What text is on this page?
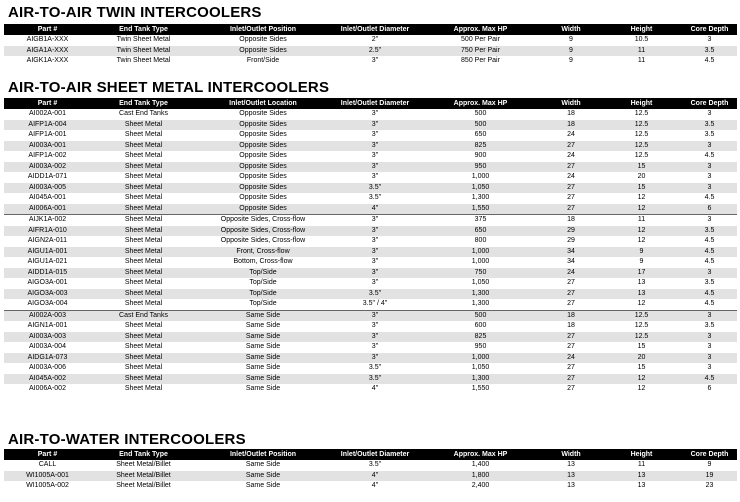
AIR-TO-AIR TWIN INTERCOOLERS
Part #	End Tank Type	Inlet/Outlet Position	Inlet/Outlet Diameter	Approx. Max HP	Width	Height	Core Depth
AIGB1A-XXX	Twin Sheet Metal	Opposite Sides	2"	500 Per Pair	9	10.5	3
AIGA1A-XXX	Twin Sheet Metal	Opposite Sides	2.5"	750 Per Pair	9	11	3.5
AIGK1A-XXX	Twin Sheet Metal	Front/Side	3"	850 Per Pair	9	11	4.5
AIR-TO-AIR SHEET METAL INTERCOOLERS
Part #	End Tank Type	Inlet/Outlet Location	Inlet/Outlet Diameter	Approx. Max HP	Width	Height	Core Depth
AI002A-001	Cast End Tanks	Opposite Sides	3"	500	18	12.5	3
AIFP1A-004	Sheet Metal	Opposite Sides	3"	500	18	12.5	3.5
AIFP1A-001	Sheet Metal	Opposite Sides	3"	650	24	12.5	3.5
AI003A-001	Sheet Metal	Opposite Sides	3"	825	27	12.5	3
AIFP1A-002	Sheet Metal	Opposite Sides	3"	900	24	12.5	4.5
AI003A-002	Sheet Metal	Opposite Sides	3"	950	27	15	3
AIDD1A-071	Sheet Metal	Opposite Sides	3"	1,000	24	20	3
AI003A-005	Sheet Metal	Opposite Sides	3.5"	1,050	27	15	3
AI045A-001	Sheet Metal	Opposite Sides	3.5"	1,300	27	12	4.5
AI006A-001	Sheet Metal	Opposite Sides	4"	1,550	27	12	6
AIJK1A-002	Sheet Metal	Opposite Sides, Cross-flow	3"	375	18	11	3
AIFR1A-010	Sheet Metal	Opposite Sides, Cross-flow	3"	650	29	12	3.5
AIGN2A-011	Sheet Metal	Opposite Sides, Cross-flow	3"	800	29	12	4.5
AIGU1A-001	Sheet Metal	Front, Cross-flow	3"	1,000	34	9	4.5
AIGU1A-021	Sheet Metal	Bottom, Cross-flow	3"	1,000	34	9	4.5
AIDD1A-015	Sheet Metal	Top/Side	3"	750	24	17	3
AIGO3A-001	Sheet Metal	Top/Side	3"	1,050	27	13	3.5
AIGO3A-003	Sheet Metal	Top/Side	3.5"	1,300	27	13	4.5
AIGO3A-004	Sheet Metal	Top/Side	3.5" / 4"	1,300	27	12	4.5
AI002A-003	Cast End Tanks	Same Side	3"	500	18	12.5	3
AIGN1A-001	Sheet Metal	Same Side	3"	600	18	12.5	3.5
AI003A-003	Sheet Metal	Same Side	3"	825	27	12.5	3
AI003A-004	Sheet Metal	Same Side	3"	950	27	15	3
AIDG1A-073	Sheet Metal	Same Side	3"	1,000	24	20	3
AI003A-006	Sheet Metal	Same Side	3.5"	1,050	27	15	3
AI045A-002	Sheet Metal	Same Side	3.5"	1,300	27	12	4.5
AI006A-002	Sheet Metal	Same Side	4"	1,550	27	12	6
AIR-TO-WATER INTERCOOLERS
Part #	End Tank Type	Inlet/Outlet Position	Inlet/Outlet Diameter	Approx. Max HP	Width	Height	Core Depth
CALL	Sheet Metal/Billet	Same Side	3.5"	1,400	13	11	9
WI1005A-001	Sheet Metal/Billet	Same Side	4"	1,800	13	13	19
WI1005A-002	Sheet Metal/Billet	Same Side	4"	2,400	13	13	23
